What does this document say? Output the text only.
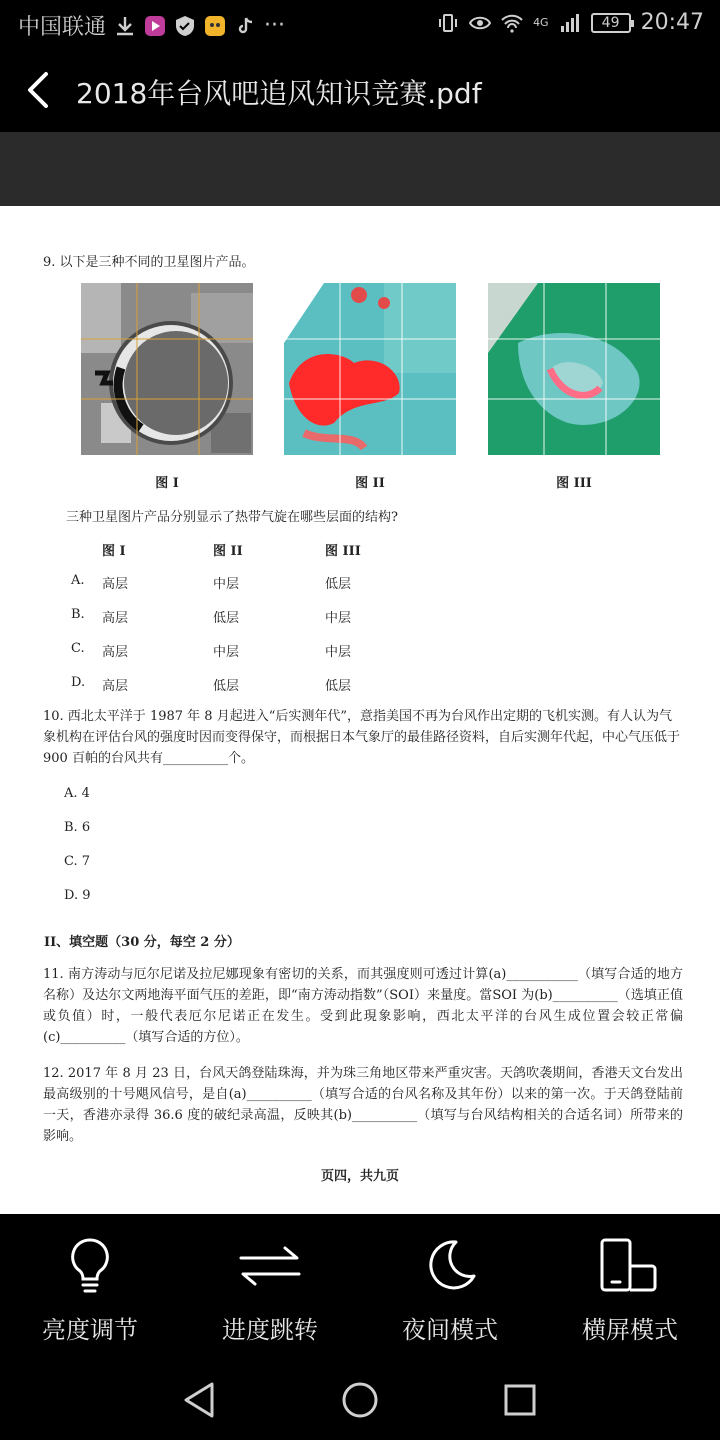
中国联通	···	4G	49 20:47
2018年台风吧追风知识竞赛.pdf
9. 以下是三种不同的卫星图片产品。
图 I	图 II	图 III
三种卫星图片产品分别显示了热带气旋在哪些层面的结构?
图 I	图 II	图 III
A. 高层	中层	低层
B. 高层	低层	中层
C. 高层	中层	中层
D. 高层	低层	低层
10. 西北太平洋于 1987 年 8 月起进入“后实测年代”，意指美国不再为台风作出定期的飞机实测。有人认为气象机构在评估台风的强度时因而变得保守，而根据日本气象厅的最佳路径资料，自后实测年代起，中心气压低于 900 百帕的台风共有__________个。
A. 4
B. 6
C. 7
D. 9
II、填空题（30 分，每空 2 分）
11. 南方涛动与厄尔尼诺及拉尼娜现象有密切的关系，而其强度则可透过计算(a)___________（填写合适的地方名称）及达尔文两地海平面气压的差距，即“南方涛动指数”（SOI）来量度。當SOI 为(b)__________（选填正值或负值）时，一般代表厄尔尼诺正在发生。受到此現象影响，西北太平洋的台风生成位置会较正常偏(c)__________（填写合适的方位）。
12. 2017 年 8 月 23 日，台风天鸽登陆珠海，并为珠三角地区带来严重灾害。天鸽吹袭期间，香港天文台发出最高级别的十号飓风信号，是自(a)__________（填写合适的台风名称及其年份）以来的第一次。于天鸽登陆前一天，香港亦录得 36.6 度的破纪录高温，反映其(b)__________（填写与台风结构相关的合适名词）所带来的影响。
页四，共九页
亮度调节	进度跳转	夜间模式	横屏模式
